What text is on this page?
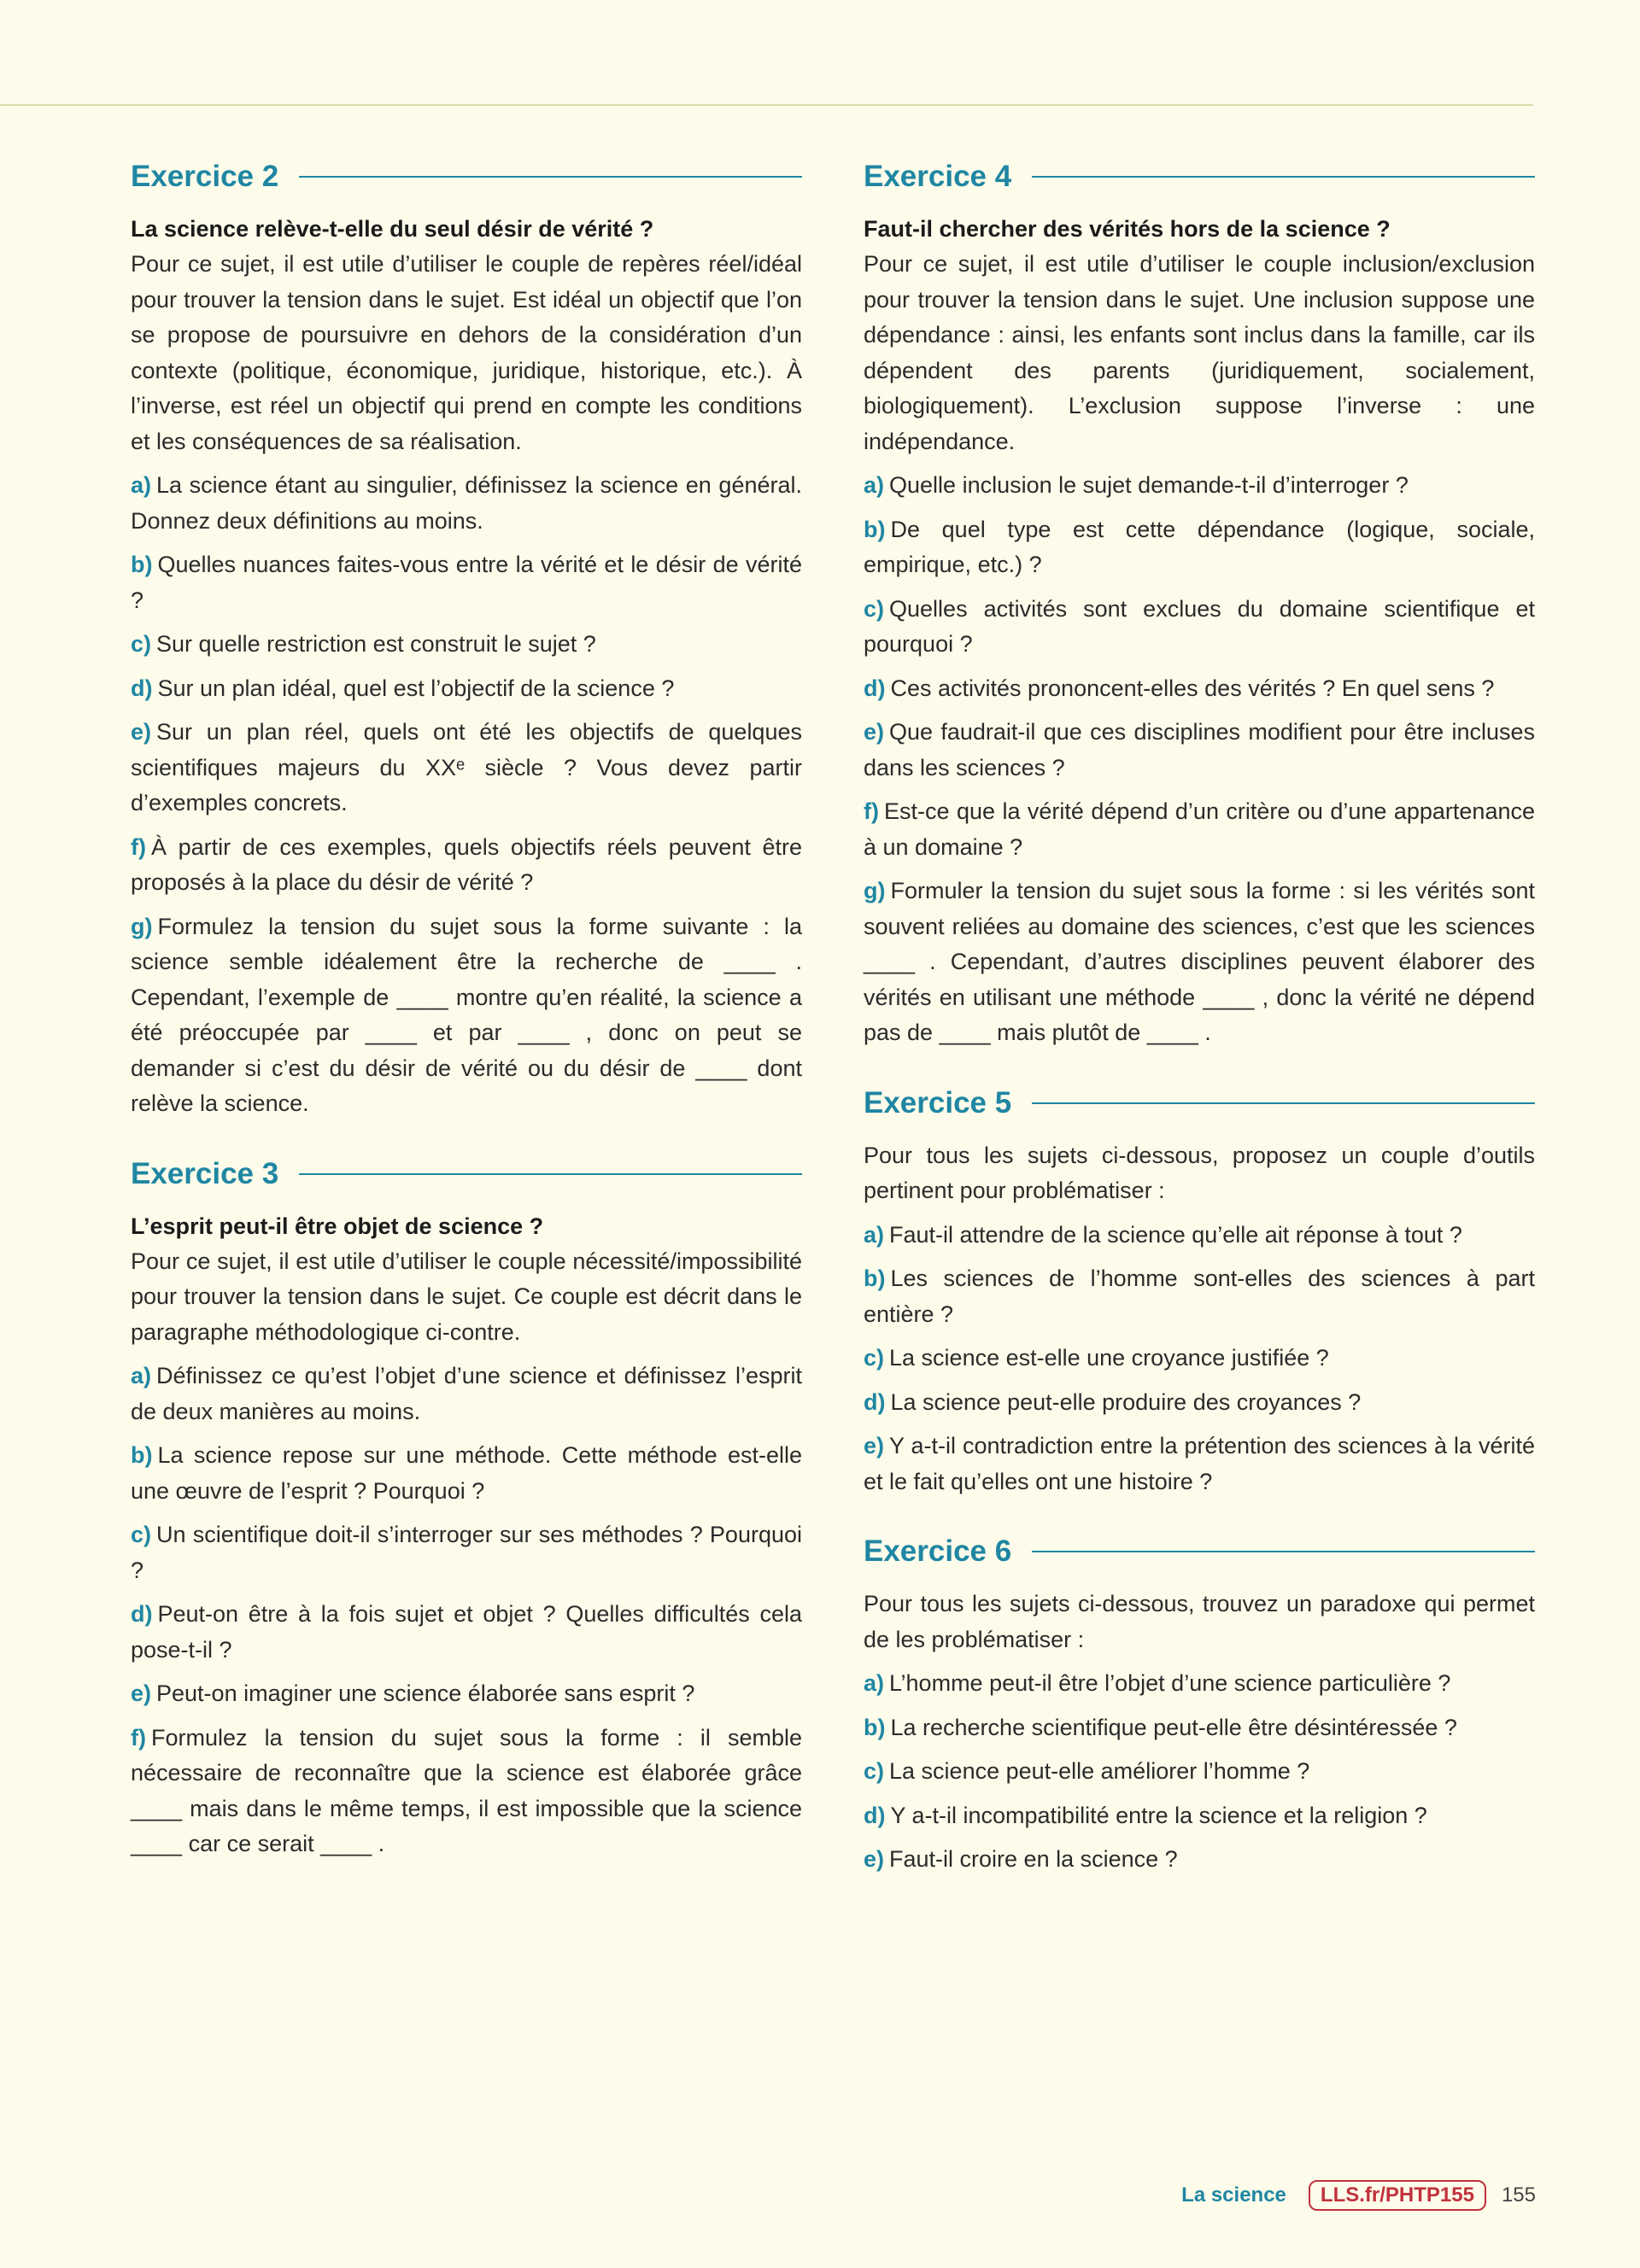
Exercice 2
La science relève-t-elle du seul désir de vérité ?
Pour ce sujet, il est utile d’utiliser le couple de repères réel/idéal pour trouver la tension dans le sujet. Est idéal un objectif que l’on se propose de poursuivre en dehors de la considération d’un contexte (politique, économique, juridique, historique, etc.). À l’inverse, est réel un objectif qui prend en compte les conditions et les conséquences de sa réalisation.
a) La science étant au singulier, définissez la science en général. Donnez deux définitions au moins.
b) Quelles nuances faites-vous entre la vérité et le désir de vérité ?
c) Sur quelle restriction est construit le sujet ?
d) Sur un plan idéal, quel est l’objectif de la science ?
e) Sur un plan réel, quels ont été les objectifs de quelques scientifiques majeurs du XXᵉ siècle ? Vous devez partir d’exemples concrets.
f) À partir de ces exemples, quels objectifs réels peuvent être proposés à la place du désir de vérité ?
g) Formulez la tension du sujet sous la forme suivante : la science semble idéalement être la recherche de ____ . Cependant, l’exemple de ____ montre qu’en réalité, la science a été préoccupée par ____ et par ____ , donc on peut se demander si c’est du désir de vérité ou du désir de ____ dont relève la science.
Exercice 3
L’esprit peut-il être objet de science ?
Pour ce sujet, il est utile d’utiliser le couple nécessité/impossibilité pour trouver la tension dans le sujet. Ce couple est décrit dans le paragraphe méthodologique ci-contre.
a) Définissez ce qu’est l’objet d’une science et définissez l’esprit de deux manières au moins.
b) La science repose sur une méthode. Cette méthode est-elle une œuvre de l’esprit ? Pourquoi ?
c) Un scientifique doit-il s’interroger sur ses méthodes ? Pourquoi ?
d) Peut-on être à la fois sujet et objet ? Quelles difficultés cela pose-t-il ?
e) Peut-on imaginer une science élaborée sans esprit ?
f) Formulez la tension du sujet sous la forme : il semble nécessaire de reconnaître que la science est élaborée grâce ____ mais dans le même temps, il est impossible que la science ____ car ce serait ____ .
Exercice 4
Faut-il chercher des vérités hors de la science ?
Pour ce sujet, il est utile d’utiliser le couple inclusion/exclusion pour trouver la tension dans le sujet. Une inclusion suppose une dépendance : ainsi, les enfants sont inclus dans la famille, car ils dépendent des parents (juridiquement, socialement, biologiquement). L’exclusion suppose l’inverse : une indépendance.
a) Quelle inclusion le sujet demande-t-il d’interroger ?
b) De quel type est cette dépendance (logique, sociale, empirique, etc.) ?
c) Quelles activités sont exclues du domaine scientifique et pourquoi ?
d) Ces activités prononcent-elles des vérités ? En quel sens ?
e) Que faudrait-il que ces disciplines modifient pour être incluses dans les sciences ?
f) Est-ce que la vérité dépend d’un critère ou d’une appartenance à un domaine ?
g) Formuler la tension du sujet sous la forme : si les vérités sont souvent reliées au domaine des sciences, c’est que les sciences ____ . Cependant, d’autres disciplines peuvent élaborer des vérités en utilisant une méthode ____ , donc la vérité ne dépend pas de ____ mais plutôt de ____ .
Exercice 5
Pour tous les sujets ci-dessous, proposez un couple d’outils pertinent pour problématiser :
a) Faut-il attendre de la science qu’elle ait réponse à tout ?
b) Les sciences de l’homme sont-elles des sciences à part entière ?
c) La science est-elle une croyance justifiée ?
d) La science peut-elle produire des croyances ?
e) Y a-t-il contradiction entre la prétention des sciences à la vérité et le fait qu’elles ont une histoire ?
Exercice 6
Pour tous les sujets ci-dessous, trouvez un paradoxe qui permet de les problématiser :
a) L’homme peut-il être l’objet d’une science particulière ?
b) La recherche scientifique peut-elle être désintéressée ?
c) La science peut-elle améliorer l’homme ?
d) Y a-t-il incompatibilité entre la science et la religion ?
e) Faut-il croire en la science ?
La science	LLS.fr/PHTP155	155
